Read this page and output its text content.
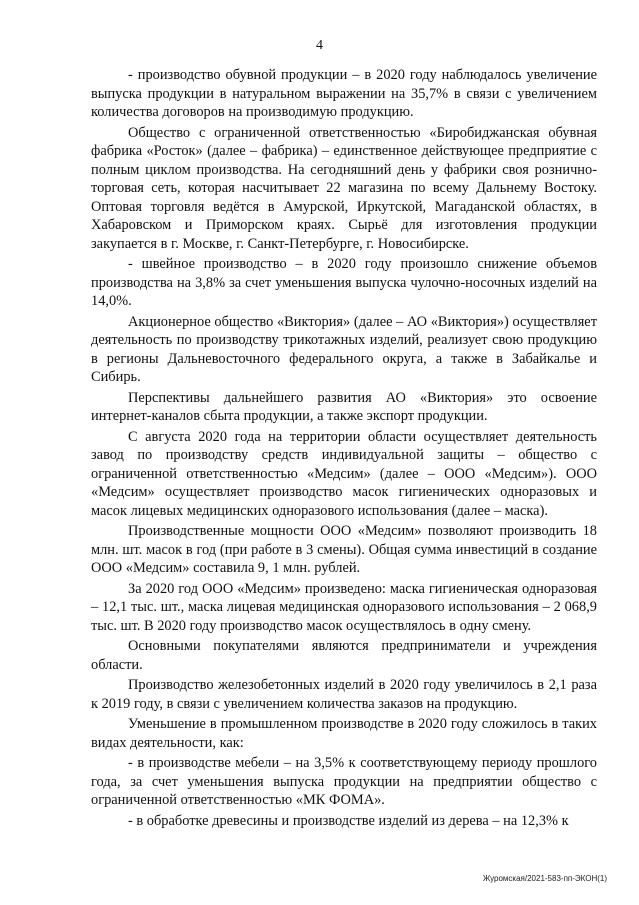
4

- производство обувной продукции – в 2020 году наблюдалось увеличение выпуска продукции в натуральном выражении на 35,7% в связи с увеличением количества договоров на производимую продукцию.

Общество с ограниченной ответственностью «Биробиджанская обувная фабрика «Росток» (далее – фабрика) – единственное действующее предприятие с полным циклом производства. На сегодняшний день у фабрики своя рознично-торговая сеть, которая насчитывает 22 магазина по всему Дальнему Востоку. Оптовая торговля ведётся в Амурской, Иркутской, Магаданской областях, в Хабаровском и Приморском краях. Сырьё для изготовления продукции закупается в г. Москве, г. Санкт-Петербурге, г. Новосибирске.

- швейное производство – в 2020 году произошло снижение объемов производства на 3,8% за счет уменьшения выпуска чулочно-носочных изделий на 14,0%.

Акционерное общество «Виктория» (далее – АО «Виктория») осуществляет деятельность по производству трикотажных изделий, реализует свою продукцию в регионы Дальневосточного федерального округа, а также в Забайкалье и Сибирь.

Перспективы дальнейшего развития АО «Виктория» это освоение интернет-каналов сбыта продукции, а также экспорт продукции.

С августа 2020 года на территории области осуществляет деятельность завод по производству средств индивидуальной защиты – общество с ограниченной ответственностью «Медсим» (далее – ООО «Медсим»). ООО «Медсим» осуществляет производство масок гигиенических одноразовых и масок лицевых медицинских одноразового использования (далее – маска).

Производственные мощности ООО «Медсим» позволяют производить 18 млн. шт. масок в год (при работе в 3 смены). Общая сумма инвестиций в создание ООО «Медсим» составила 9, 1 млн. рублей.

За 2020 год ООО «Медсим» произведено: маска гигиеническая одноразовая – 12,1 тыс. шт., маска лицевая медицинская одноразового использования – 2 068,9 тыс. шт. В 2020 году производство масок осуществлялось в одну смену.

Основными покупателями являются предприниматели и учреждения области.

Производство железобетонных изделий в 2020 году увеличилось в 2,1 раза к 2019 году, в связи с увеличением количества заказов на продукцию.

Уменьшение в промышленном производстве в 2020 году сложилось в таких видах деятельности, как:

- в производстве мебели – на 3,5% к соответствующему периоду прошлого года, за счет уменьшения выпуска продукции на предприятии общество с ограниченной ответственностью «МК ФОМА».

- в обработке древесины и производстве изделий из дерева – на 12,3% к

Журомская/2021-583-пп-ЭКОН(1)
